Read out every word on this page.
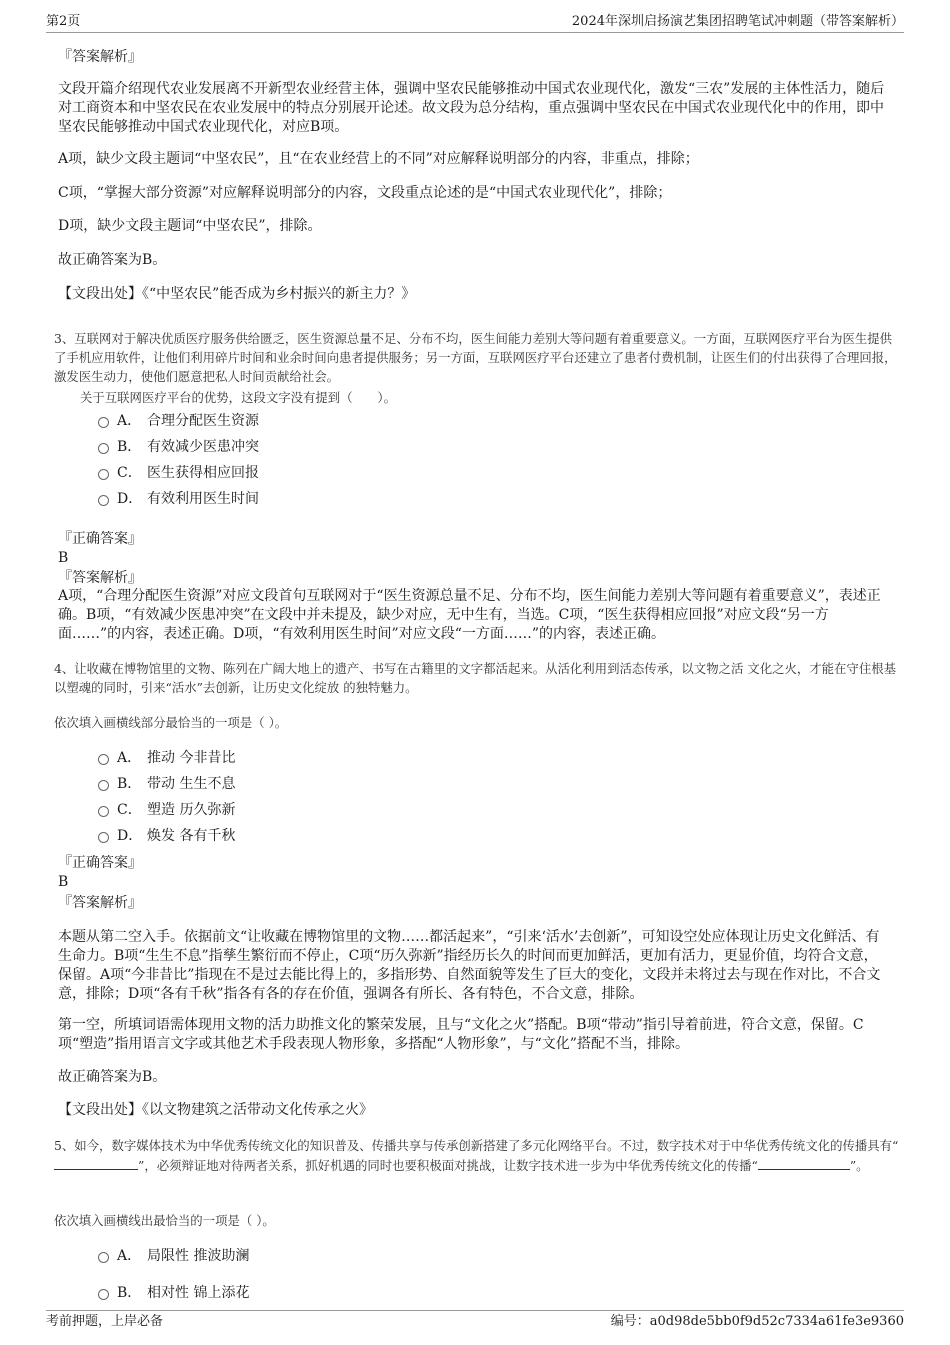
第2页	2024年深圳启扬演艺集团招聘笔试冲刺题（带答案解析）

『答案解析』

文段开篇介绍现代农业发展离不开新型农业经营主体，强调中坚农民能够推动中国式农业现代化，激发“三农”发展的主体性活力，随后对工商资本和中坚农民在农业发展中的特点分别展开论述。故文段为总分结构，重点强调中坚农民在中国式农业现代化中的作用，即中坚农民能够推动中国式农业现代化，对应B项。

A项，缺少文段主题词“中坚农民”，且“在农业经营上的不同”对应解释说明部分的内容，非重点，排除；

C项，“掌握大部分资源”对应解释说明部分的内容，文段重点论述的是“中国式农业现代化”，排除；

D项，缺少文段主题词“中坚农民”，排除。

故正确答案为B。

【文段出处】《“中坚农民”能否成为乡村振兴的新主力？》

3、互联网对于解决优质医疗服务供给匮乏，医生资源总量不足、分布不均，医生间能力差别大等问题有着重要意义。一方面，互联网医疗平台为医生提供了手机应用软件，让他们利用碎片时间和业余时间向患者提供服务；另一方面，互联网医疗平台还建立了患者付费机制，让医生们的付出获得了合理回报，激发医生动力，使他们愿意把私人时间贡献给社会。

关于互联网医疗平台的优势，这段文字没有提到（　　）。

A． 合理分配医生资源
B． 有效减少医患冲突
C． 医生获得相应回报
D． 有效利用医生时间

『正确答案』

B

『答案解析』

A项，“合理分配医生资源”对应文段首句互联网对于“医生资源总量不足、分布不均，医生间能力差别大等问题有着重要意义”，表述正确。B项，“有效减少医患冲突”在文段中并未提及，缺少对应，无中生有，当选。C项，“医生获得相应回报”对应文段“另一方面……”的内容，表述正确。D项，“有效利用医生时间”对应文段“一方面……”的内容，表述正确。

4、让收藏在博物馆里的文物、陈列在广阔大地上的遗产、书写在古籍里的文字都活起来。从活化利用到活态传承，以文物之活 文化之火，才能在守住根基以塑魂的同时，引来“活水”去创新，让历史文化绽放 的独特魅力。

依次填入画横线部分最恰当的一项是（ ）。

A． 推动 今非昔比
B． 带动 生生不息
C． 塑造 历久弥新
D． 焕发 各有千秋

『正确答案』

B

『答案解析』

本题从第二空入手。依据前文“让收藏在博物馆里的文物……都活起来”，“引来‘活水’去创新”，可知设空处应体现让历史文化鲜活、有生命力。B项“生生不息”指孳生繁衍而不停止，C项“历久弥新”指经历长久的时间而更加鲜活，更加有活力，更显价值，均符合文意，保留。A项“今非昔比”指现在不是过去能比得上的，多指形势、自然面貌等发生了巨大的变化，文段并未将过去与现在作对比，不合文意，排除；D项“各有千秋”指各有各的存在价值，强调各有所长、各有特色，不合文意，排除。

第一空，所填词语需体现用文物的活力助推文化的繁荣发展，且与“文化之火”搭配。B项“带动”指引导着前进，符合文意，保留。C项“塑造”指用语言文字或其他艺术手段表现人物形象，多搭配“人物形象”，与“文化”搭配不当，排除。

故正确答案为B。

【文段出处】《以文物建筑之活带动文化传承之火》

5、如今，数字媒体技术为中华优秀传统文化的知识普及、传播共享与传承创新搭建了多元化网络平台。不过，数字技术对于中华优秀传统文化的传播具有“”，必须辩证地对待两者关系，抓好机遇的同时也要积极面对挑战，让数字技术进一步为中华优秀传统文化的传播“	”。

依次填入画横线出最恰当的一项是（ ）。

A． 局限性 推波助澜
B． 相对性 锦上添花
考前押题，上岸必备	编号：a0d98de5bb0f9d52c7334a61fe3e9360
